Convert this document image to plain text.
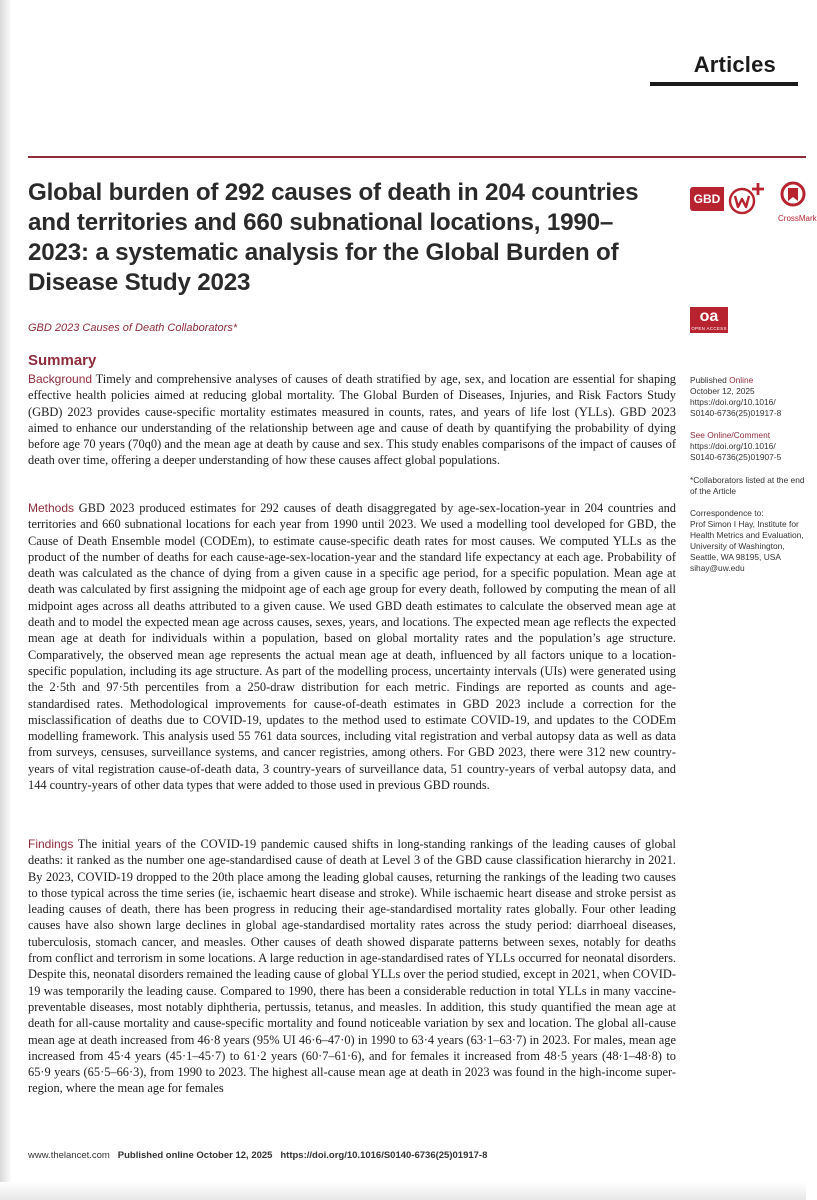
Articles
Global burden of 292 causes of death in 204 countries and territories and 660 subnational locations, 1990–2023: a systematic analysis for the Global Burden of Disease Study 2023
GBD
CrossMark
oa
OPEN ACCESS
GBD 2023 Causes of Death Collaborators*
Summary

Background Timely and comprehensive analyses of causes of death stratified by age, sex, and location are essential for shaping effective health policies aimed at reducing global mortality. The Global Burden of Diseases, Injuries, and Risk Factors Study (GBD) 2023 provides cause-specific mortality estimates measured in counts, rates, and years of life lost (YLLs). GBD 2023 aimed to enhance our understanding of the relationship between age and cause of death by quantifying the probability of dying before age 70 years (70q0) and the mean age at death by cause and sex. This study enables comparisons of the impact of causes of death over time, offering a deeper understanding of how these causes affect global populations.

Methods GBD 2023 produced estimates for 292 causes of death disaggregated by age-sex-location-year in 204 countries and territories and 660 subnational locations for each year from 1990 until 2023. We used a modelling tool developed for GBD, the Cause of Death Ensemble model (CODEm), to estimate cause-specific death rates for most causes. We computed YLLs as the product of the number of deaths for each cause-age-sex-location-year and the standard life expectancy at each age. Probability of death was calculated as the chance of dying from a given cause in a specific age period, for a specific population. Mean age at death was calculated by first assigning the midpoint age of each age group for every death, followed by computing the mean of all midpoint ages across all deaths attributed to a given cause. We used GBD death estimates to calculate the observed mean age at death and to model the expected mean age across causes, sexes, years, and locations. The expected mean age reflects the expected mean age at death for individuals within a population, based on global mortality rates and the population’s age structure. Comparatively, the observed mean age represents the actual mean age at death, influenced by all factors unique to a location-specific population, including its age structure. As part of the modelling process, uncertainty intervals (UIs) were generated using the 2·5th and 97·5th percentiles from a 250-draw distribution for each metric. Findings are reported as counts and age-standardised rates. Methodological improvements for cause-of-death estimates in GBD 2023 include a correction for the misclassification of deaths due to COVID-19, updates to the method used to estimate COVID-19, and updates to the CODEm modelling framework. This analysis used 55 761 data sources, including vital registration and verbal autopsy data as well as data from surveys, censuses, surveillance systems, and cancer registries, among others. For GBD 2023, there were 312 new country-years of vital registration cause-of-death data, 3 country-years of surveillance data, 51 country-years of verbal autopsy data, and 144 country-years of other data types that were added to those used in previous GBD rounds.

Findings The initial years of the COVID-19 pandemic caused shifts in long-standing rankings of the leading causes of global deaths: it ranked as the number one age-standardised cause of death at Level 3 of the GBD cause classification hierarchy in 2021. By 2023, COVID-19 dropped to the 20th place among the leading global causes, returning the rankings of the leading two causes to those typical across the time series (ie, ischaemic heart disease and stroke). While ischaemic heart disease and stroke persist as leading causes of death, there has been progress in reducing their age-standardised mortality rates globally. Four other leading causes have also shown large declines in global age-standardised mortality rates across the study period: diarrhoeal diseases, tuberculosis, stomach cancer, and measles. Other causes of death showed disparate patterns between sexes, notably for deaths from conflict and terrorism in some locations. A large reduction in age-standardised rates of YLLs occurred for neonatal disorders. Despite this, neonatal disorders remained the leading cause of global YLLs over the period studied, except in 2021, when COVID-19 was temporarily the leading cause. Compared to 1990, there has been a considerable reduction in total YLLs in many vaccine-preventable diseases, most notably diphtheria, pertussis, tetanus, and measles. In addition, this study quantified the mean age at death for all-cause mortality and cause-specific mortality and found noticeable variation by sex and location. The global all-cause mean age at death increased from 46·8 years (95% UI 46·6–47·0) in 1990 to 63·4 years (63·1–63·7) in 2023. For males, mean age increased from 45·4 years (45·1–45·7) to 61·2 years (60·7–61·6), and for females it increased from 48·5 years (48·1–48·8) to 65·9 years (65·5–66·3), from 1990 to 2023. The highest all-cause mean age at death in 2023 was found in the high-income super-region, where the mean age for females

Published Online
October 12, 2025
https://doi.org/10.1016/
S0140-6736(25)01917-8
See Online/Comment
https://doi.org/10.1016/
S0140-6736(25)01907-5
*Collaborators listed at the end of the Article
Correspondence to:
Prof Simon I Hay, Institute for Health Metrics and Evaluation, University of Washington, Seattle, WA 98195, USA
sihay@uw.edu
www.thelancet.com Published online October 12, 2025 https://doi.org/10.1016/S0140-6736(25)01917-8
